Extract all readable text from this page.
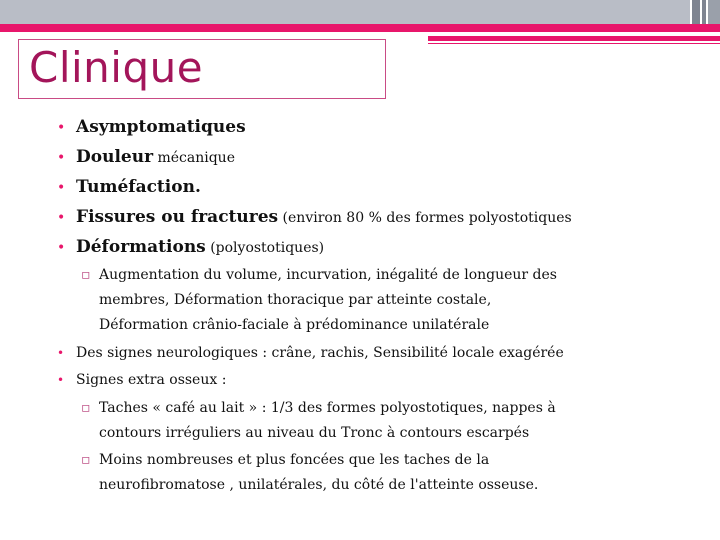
Clinique
• Asymptomatiques
• Douleur mécanique
• Tuméfaction.
• Fissures ou fractures (environ 80 % des formes polyostotiques
• Déformations (polyostotiques)
▫ Augmentation du volume, incurvation, inégalité de longueur des
membres, Déformation thoracique par atteinte costale,
Déformation crânio-faciale à prédominance unilatérale
• Des signes neurologiques : crâne, rachis, Sensibilité locale exagérée
• Signes extra osseux :
▫ Taches « café au lait » : 1/3 des formes polyostotiques, nappes à
contours irréguliers au niveau du Tronc à contours escarpés
▫ Moins nombreuses et plus foncées que les taches de la
neurofibromatose , unilatérales, du côté de l'atteinte osseuse.
